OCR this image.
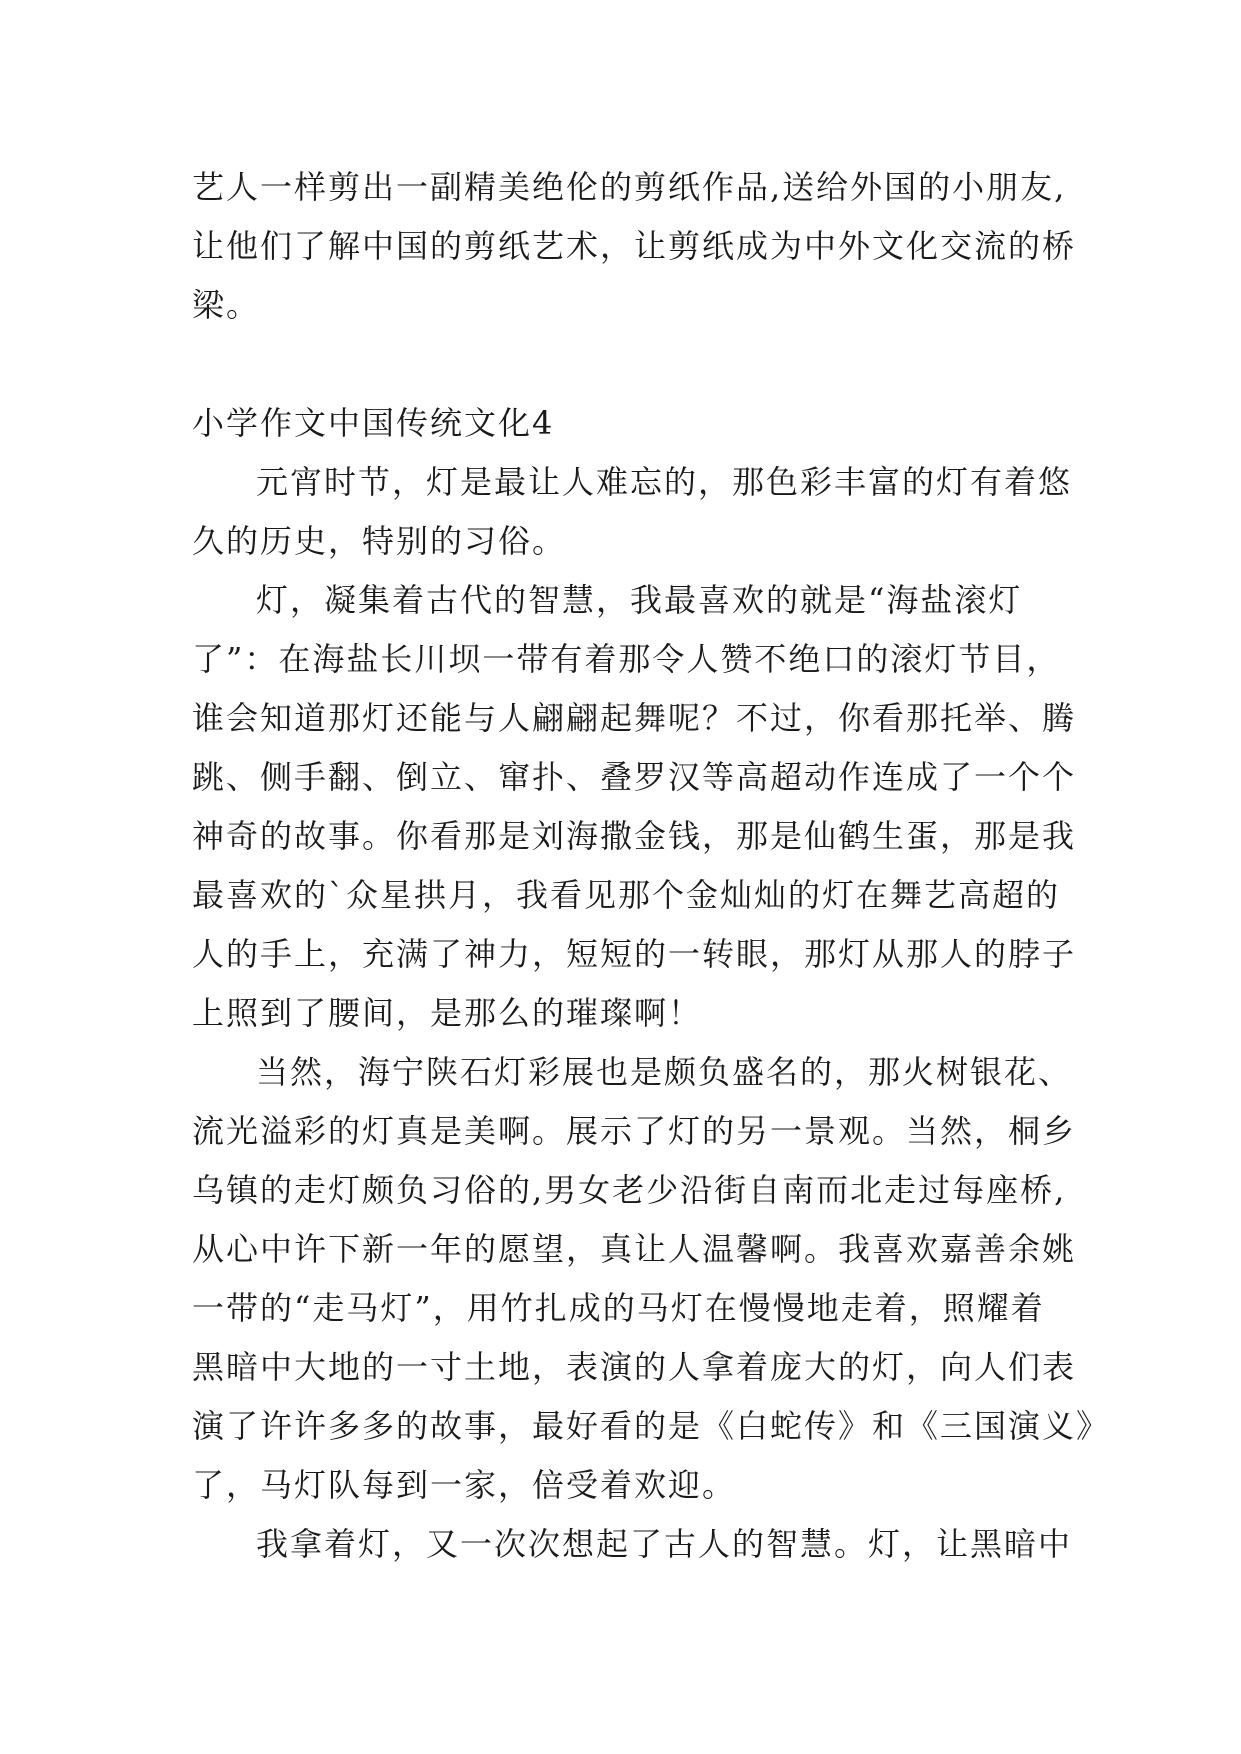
艺人一样剪出一副精美绝伦的剪纸作品,送给外国的小朋友,
让他们了解中国的剪纸艺术，让剪纸成为中外文化交流的桥
梁。
小学作文中国传统文化4
元宵时节，灯是最让人难忘的，那色彩丰富的灯有着悠
久的历史，特别的习俗。
灯，凝集着古代的智慧，我最喜欢的就是“海盐滚灯
了”：在海盐长川坝一带有着那令人赞不绝口的滚灯节目，
谁会知道那灯还能与人翩翩起舞呢？不过，你看那托举、腾
跳、侧手翻、倒立、窜扑、叠罗汉等高超动作连成了一个个
神奇的故事。你看那是刘海撒金钱，那是仙鹤生蛋，那是我
最喜欢的`众星拱月，我看见那个金灿灿的灯在舞艺高超的
人的手上，充满了神力，短短的一转眼，那灯从那人的脖子
上照到了腰间，是那么的璀璨啊！
当然，海宁陕石灯彩展也是颇负盛名的，那火树银花、
流光溢彩的灯真是美啊。展示了灯的另一景观。当然，桐乡
乌镇的走灯颇负习俗的,男女老少沿街自南而北走过每座桥,
从心中许下新一年的愿望，真让人温馨啊。我喜欢嘉善余姚
一带的“走马灯”，用竹扎成的马灯在慢慢地走着，照耀着
黑暗中大地的一寸土地，表演的人拿着庞大的灯，向人们表
演了许许多多的故事，最好看的是《白蛇传》和《三国演义》
了，马灯队每到一家，倍受着欢迎。
我拿着灯，又一次次想起了古人的智慧。灯，让黑暗中
